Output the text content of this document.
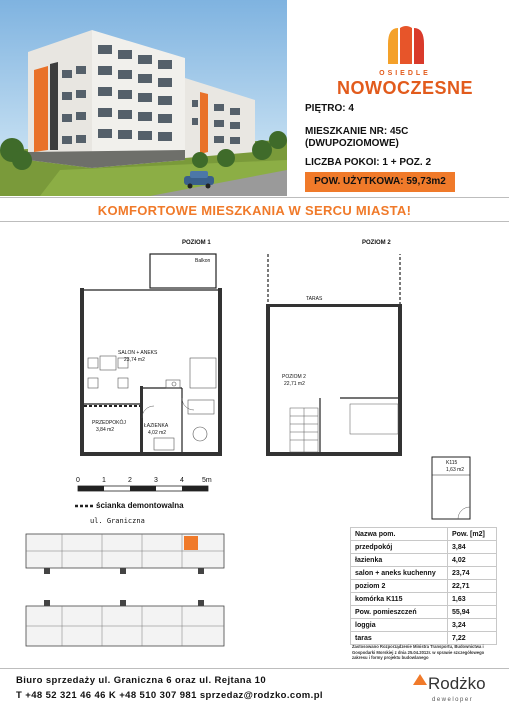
OSIEDLE
NOWOCZESNE
PIĘTRO: 4
MIESZKANIE NR: 45C
(DWUPOZIOMOWE)
LICZBA POKOI: 1 + POZ. 2
POW. UŻYTKOWA: 59,73m2
KOMFORTOWE MIESZKANIA W SERCU MIASTA!
POZIOM 1
Balkon
SALON + ANEKS
23,74 m2
PRZEDPOKÓJ
3,84 m2
ŁAZIENKA
4,02 m2
POZIOM 2
TARAS
POZIOM 2
22,71 m2
K115
1,63 m2
0	1	2	3	4	5m
ścianka demontowalna
ul. Graniczna
Nazwa pom.	Pow. [m2]
przedpokój	3,84
łazienka	4,02
salon + aneks kuchenny	23,74
poziom 2	22,71
komórka K115	1,63
Pow. pomieszczeń	55,94
loggia	3,24
taras	7,22
Zastosowano Rozporządzenie Ministra Transportu, Budownictwa i Gospodarki Morskiej z dnia 25.04.2012r. w sprawie szczegółowego zakresu i formy projektu budowlanego
Biuro sprzedaży ul. Graniczna 6 oraz ul. Rejtana 10
T +48 52 321 46 46 K +48 510 307 981 sprzedaz@rodzko.com.pl
Rodżko
deweloper
